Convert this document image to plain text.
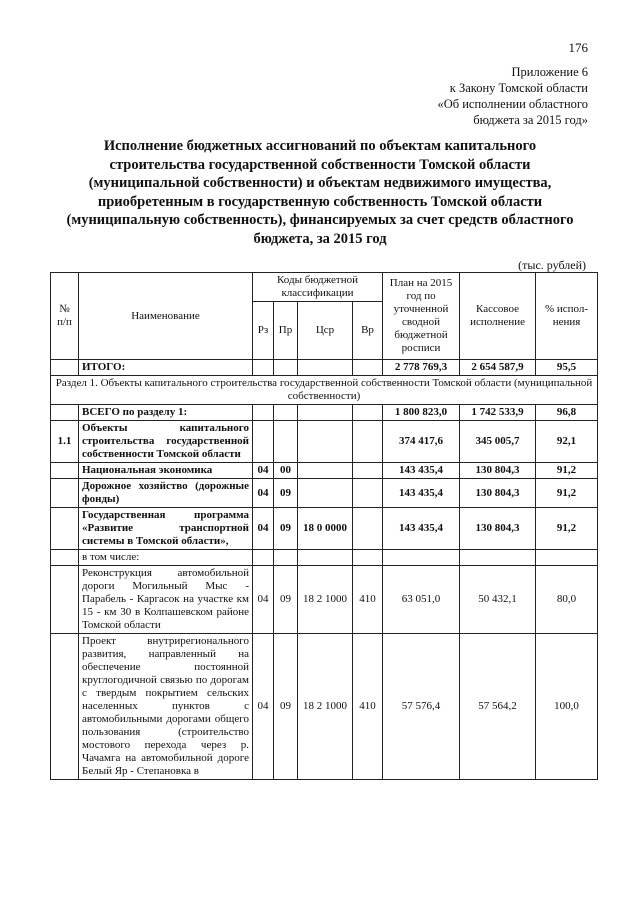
176
Приложение 6
к Закону Томской области
«Об исполнении областного
бюджета за 2015 год»
Исполнение бюджетных ассигнований по объектам капитального строительства государственной собственности Томской области (муниципальной собственности) и объектам недвижимого имущества, приобретенным в государственную собственность Томской области (муниципальную собственность), финансируемых за счет средств областного бюджета, за 2015 год
(тыс. рублей)
№ п/п	Наименование	Коды бюджетной классификации				План на 2015 год по уточненной сводной бюджетной росписи	Кассовое исполнение	% испол-нения
		Рз	Пр	Цср	Вр			
	ИТОГО:					2 778 769,3	2 654 587,9	95,5
Раздел 1. Объекты капитального строительства государственной собственности Томской области (муниципальной собственности)								
	ВСЕГО по разделу 1:					1 800 823,0	1 742 533,9	96,8
1.1	Объекты капитального строительства государственной собственности Томской области					374 417,6	345 005,7	92,1
	Национальная экономика	04	00			143 435,4	130 804,3	91,2
	Дорожное хозяйство (дорожные фонды)	04	09			143 435,4	130 804,3	91,2
	Государственная программа «Развитие транспортной системы в Томской области»,	04	09	18 0 0000		143 435,4	130 804,3	91,2
	в том числе:							
	Реконструкция автомобильной дороги Могильный Мыс - Парабель - Каргасок на участке км 15 - км 30 в Колпашевском районе Томской области	04	09	18 2 1000	410	63 051,0	50 432,1	80,0
	Проект внутрирегионального развития, направленный на обеспечение постоянной круглогодичной связью по дорогам с твердым покрытием сельских населенных пунктов с автомобильными дорогами общего пользования (строительство мостового перехода через р. Чачамга на автомобильной дороге Белый Яр - Степановка в	04	09	18 2 1000	410	57 576,4	57 564,2	100,0
